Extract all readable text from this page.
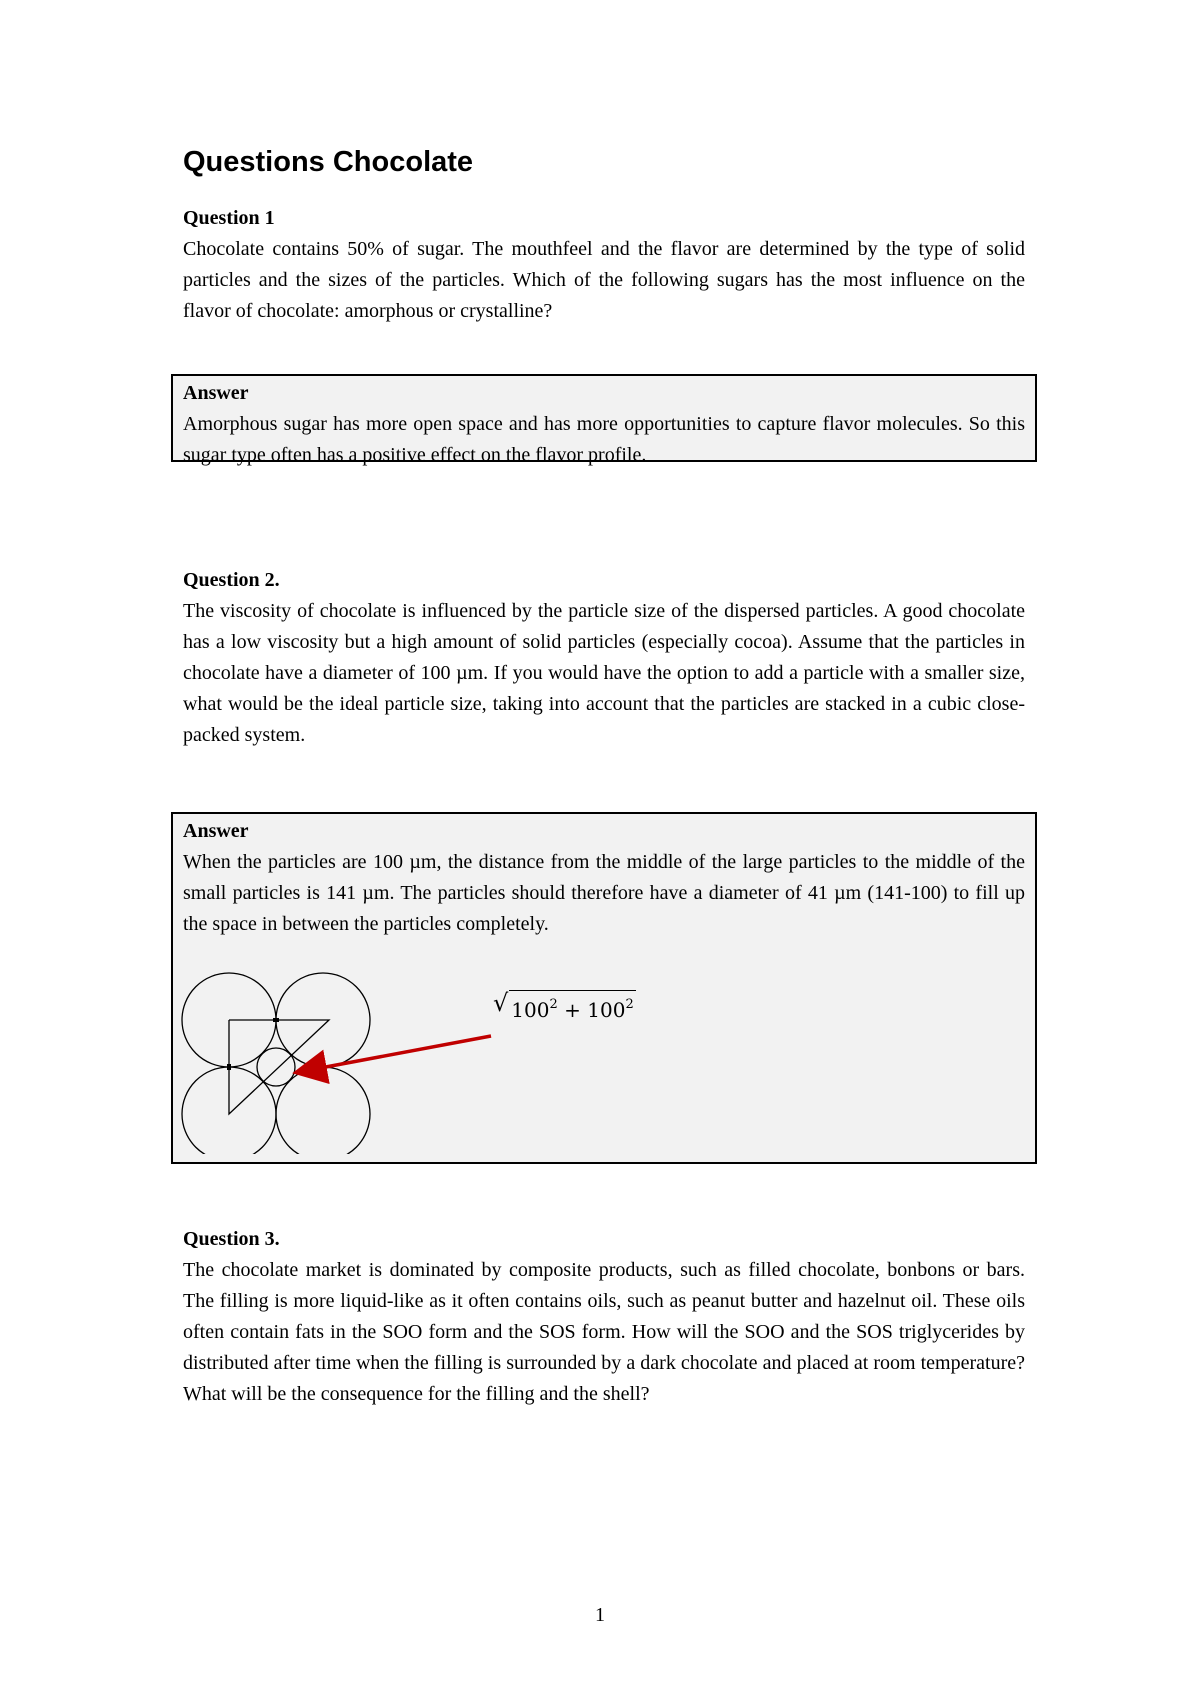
Questions Chocolate
Question 1
Chocolate contains 50% of sugar. The mouthfeel and the flavor are determined by the type of solid particles and the sizes of the particles. Which of the following sugars has the most influence on the flavor of chocolate: amorphous or crystalline?
Answer
Amorphous sugar has more open space and has more opportunities to capture flavor molecules. So this sugar type often has a positive effect on the flavor profile.
Question 2.
The viscosity of chocolate is influenced by the particle size of the dispersed particles. A good chocolate has a low viscosity but a high amount of solid particles (especially cocoa). Assume that the particles in chocolate have a diameter of 100 µm. If you would have the option to add a particle with a smaller size, what would be the ideal particle size, taking into account that the particles are stacked in a cubic close-packed system.
Answer
When the particles are 100 µm, the distance from the middle of the large particles to the middle of the small particles is 141 µm. The particles should therefore have a diameter of 41 µm (141-100) to fill up the space in between the particles completely.
√ $100^2 + 100^2$
Question 3.
The chocolate market is dominated by composite products, such as filled chocolate, bonbons or bars. The filling is more liquid-like as it often contains oils, such as peanut butter and hazelnut oil. These oils often contain fats in the SOO form and the SOS form. How will the SOO and the SOS triglycerides by distributed after time when the filling is surrounded by a dark chocolate and placed at room temperature? What will be the consequence for the filling and the shell?
1
